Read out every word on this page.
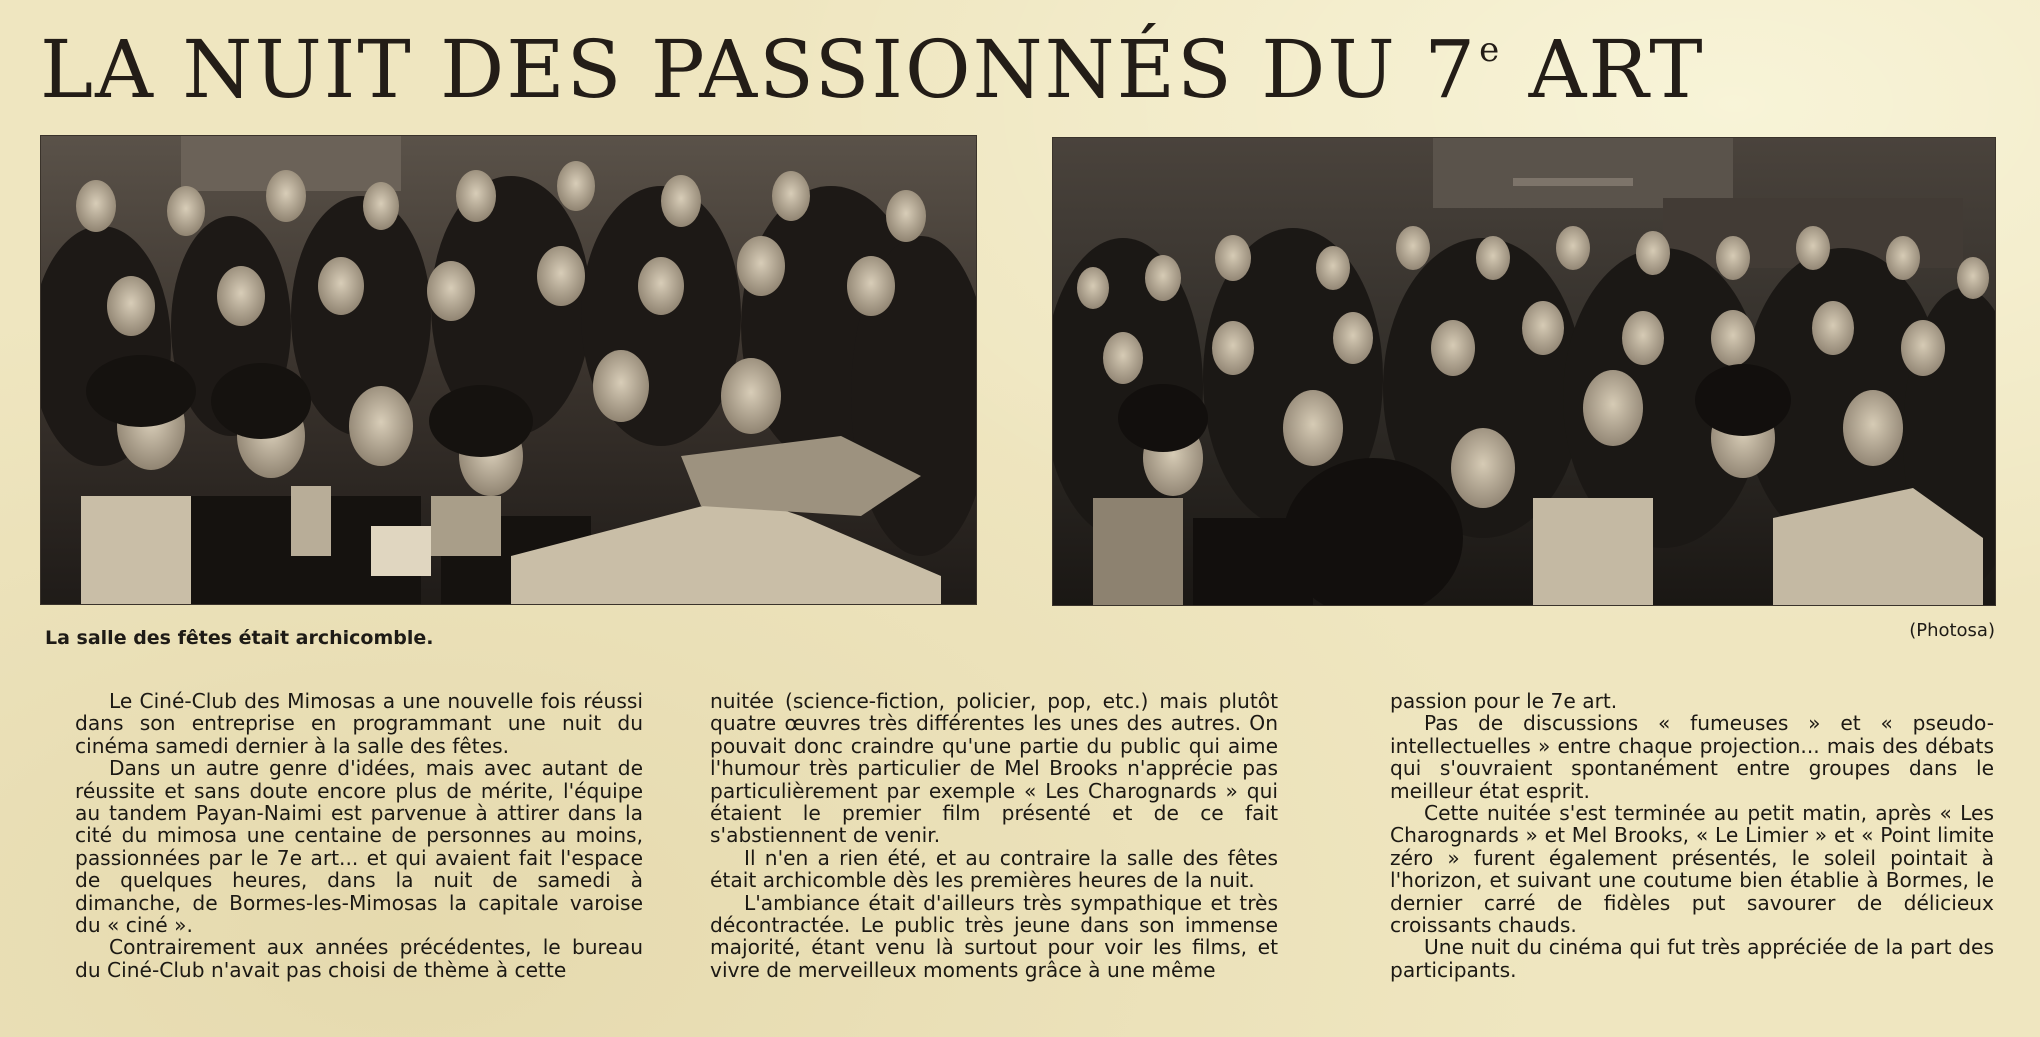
LA NUIT DES PASSIONNÉS DU 7e ART

La salle des fêtes était archicomble.	(Photosa)

Le Ciné-Club des Mimosas a une nouvelle fois réussi dans son entreprise en programmant une nuit du cinéma samedi dernier à la salle des fêtes.

Dans un autre genre d'idées, mais avec autant de réussite et sans doute encore plus de mérite, l'équipe au tandem Payan-Naimi est parvenue à attirer dans la cité du mimosa une centaine de personnes au moins, passionnées par le 7e art... et qui avaient fait l'espace de quelques heures, dans la nuit de samedi à dimanche, de Bormes-les-Mimosas la capitale varoise du « ciné ».

Contrairement aux années précédentes, le bureau du Ciné-Club n'avait pas choisi de thème à cette

nuitée (science-fiction, policier, pop, etc.) mais plutôt quatre œuvres très différentes les unes des autres. On pouvait donc craindre qu'une partie du public qui aime l'humour très particulier de Mel Brooks n'apprécie pas particulièrement par exemple « Les Charognards » qui étaient le premier film présenté et de ce fait s'abstiennent de venir.

Il n'en a rien été, et au contraire la salle des fêtes était archicomble dès les premières heures de la nuit.

L'ambiance était d'ailleurs très sympathique et très décontractée. Le public très jeune dans son immense majorité, étant venu là surtout pour voir les films, et vivre de merveilleux moments grâce à une même

passion pour le 7e art.

Pas de discussions « fumeuses » et « pseudo-intellectuelles » entre chaque projection... mais des débats qui s'ouvraient spontanément entre groupes dans le meilleur état esprit.

Cette nuitée s'est terminée au petit matin, après « Les Charognards » et Mel Brooks, « Le Limier » et « Point limite zéro » furent également présentés, le soleil pointait à l'horizon, et suivant une coutume bien établie à Bormes, le dernier carré de fidèles put savourer de délicieux croissants chauds.

Une nuit du cinéma qui fut très appréciée de la part des participants.
